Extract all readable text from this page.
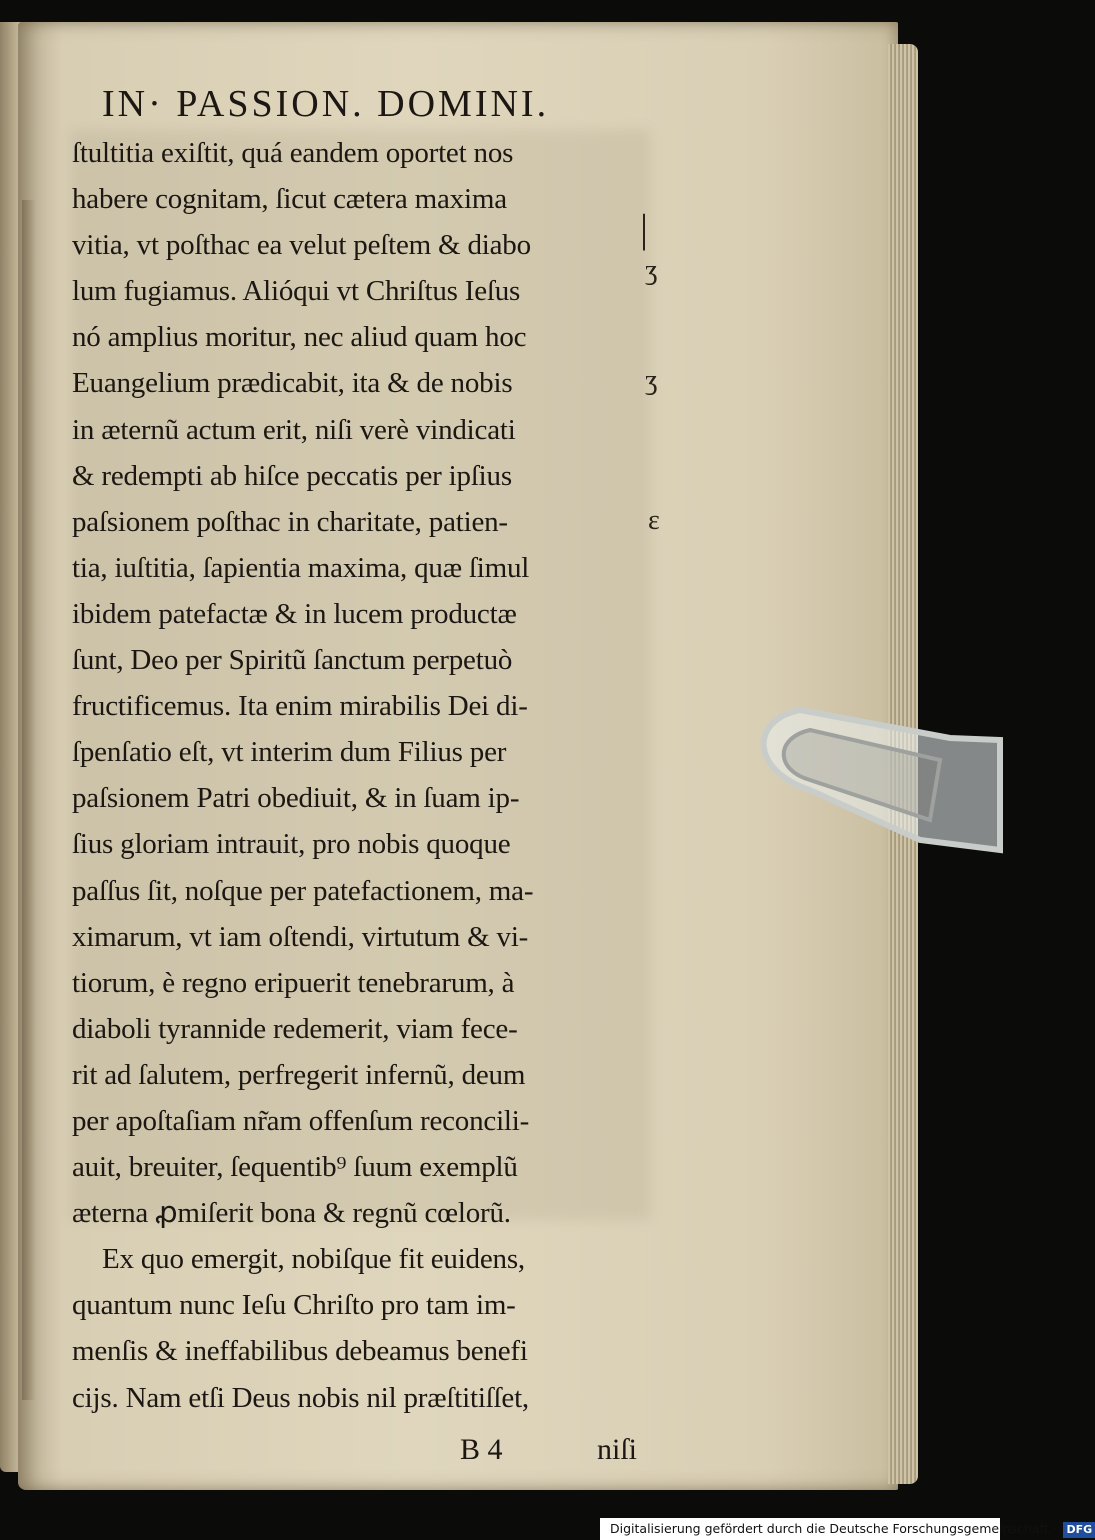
IN· PASSION. DOMINI.
ſtultitia exiſtit, quá eandem oportet nos
habere cognitam, ſicut cætera maxima
vitia, vt poſthac ea velut peſtem & diabo
lum fugiamus. Alióqui vt Chriſtus Ieſus
nó amplius moritur, nec aliud quam hoc
Euangelium prædicabit, ita & de nobis
in æternũ actum erit, niſi verè vindicati
& redempti ab hiſce peccatis per ipſius
paſsionem poſthac in charitate, patien-
tia, iuſtitia, ſapientia maxima, quæ ſimul
ibidem patefactæ & in lucem productæ
ſunt, Deo per Spiritũ ſanctum perpetuò
fructificemus. Ita enim mirabilis Dei di-
ſpenſatio eſt, vt interim dum Filius per
paſsionem Patri obediuit, & in ſuam ip-
ſius gloriam intrauit, pro nobis quoque
paſſus ſit, noſque per patefactionem, ma-
ximarum, vt iam oſtendi, virtutum & vi-
tiorum, è regno eripuerit tenebrarum, à
diaboli tyrannide redemerit, viam fece-
rit ad ſalutem, perfregerit infernũ, deum
per apoſtaſiam nr̃am offenſum reconcili-
auit, breuiter, ſequentib⁹ ſuum exemplũ
æterna ꝓmiſerit bona & regnũ cœlorũ.
Ex quo emergit, nobiſque fit euidens,
quantum nunc Ieſu Chriſto pro tam im-
menſis & ineffabilibus debeamus benefi
cijs. Nam etſi Deus nobis nil præſtitiſſet,
B 4	niſi
|
ʒ
ʒ
ɛ
Digitalisierung gefördert durch die Deutsche Forschungsgemeinschaft · DFG
